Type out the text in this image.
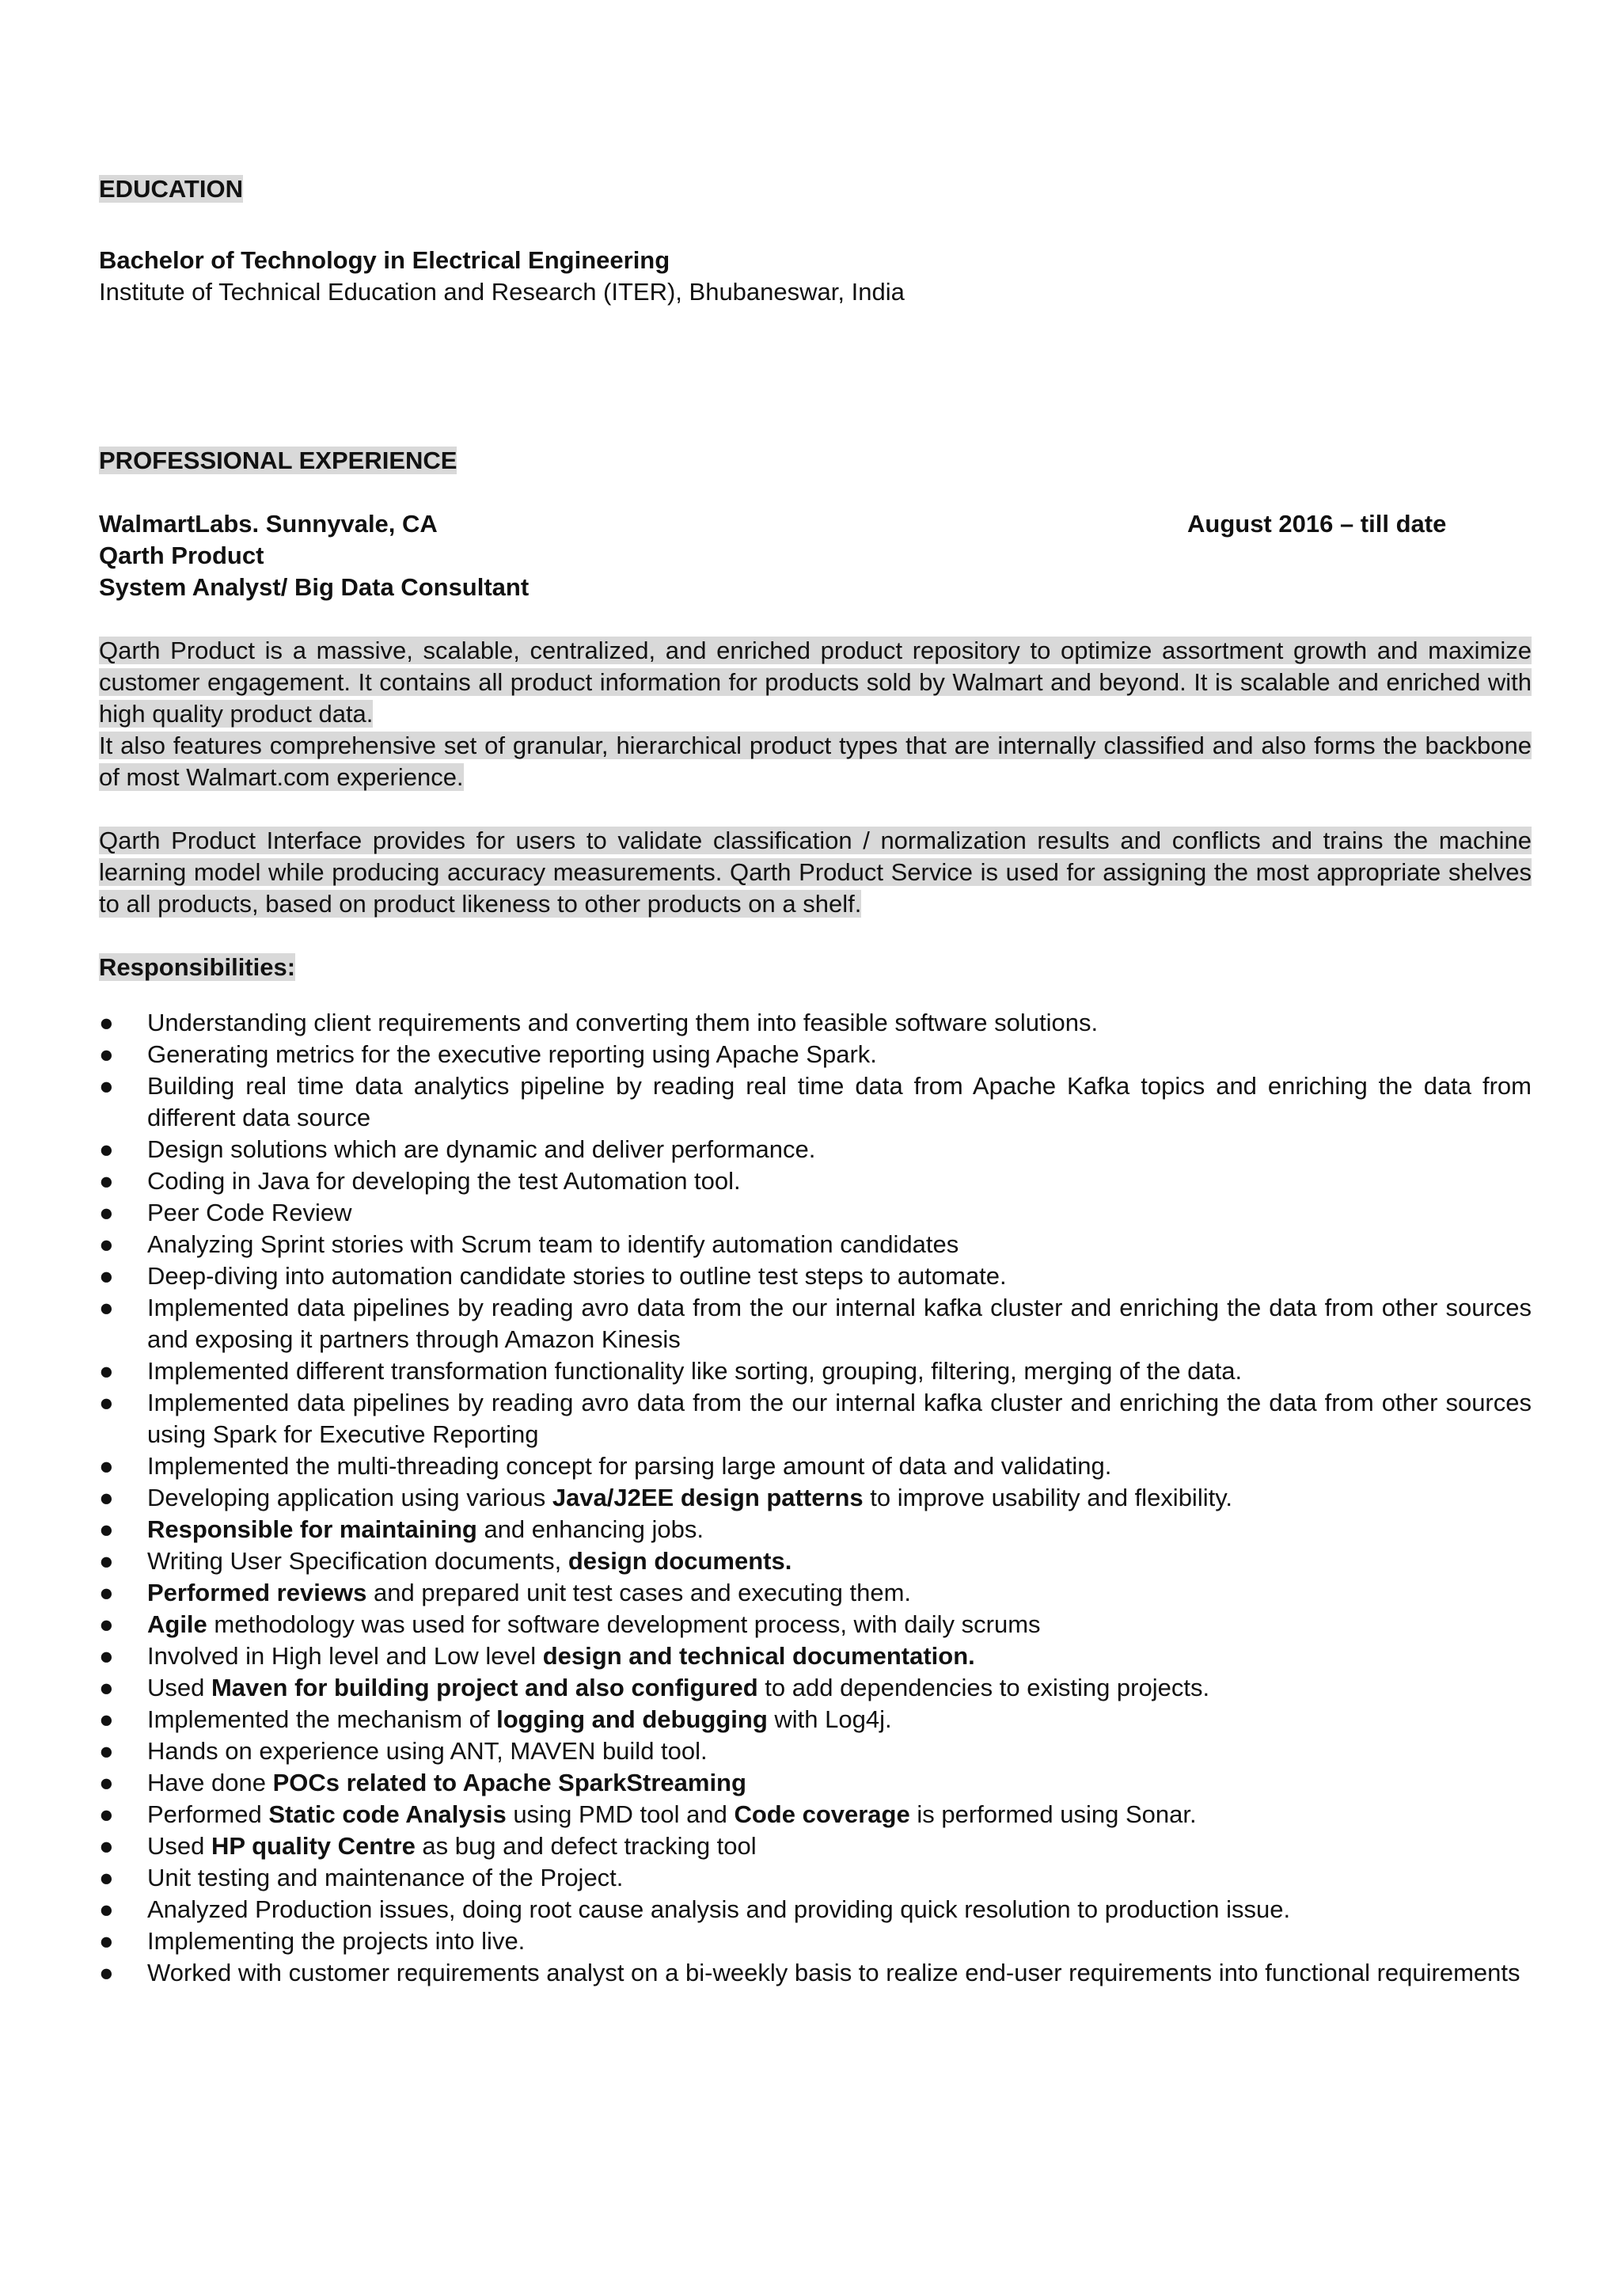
EDUCATION
Bachelor of Technology in Electrical Engineering
Institute of Technical Education and Research (ITER), Bhubaneswar, India
PROFESSIONAL EXPERIENCE
WalmartLabs. Sunnyvale, CA	August 2016 – till date
Qarth Product
System Analyst/ Big Data Consultant
Qarth Product is a massive, scalable, centralized, and enriched product repository to optimize assortment growth and maximize customer engagement. It contains all product information for products sold by Walmart and beyond. It is scalable and enriched with high quality product data.
It also features comprehensive set of granular, hierarchical product types that are internally classified and also forms the backbone of most Walmart.com experience.
Qarth Product Interface provides for users to validate classification / normalization results and conflicts and trains the machine learning model while producing accuracy measurements. Qarth Product Service is used for assigning the most appropriate shelves to all products, based on product likeness to other products on a shelf.
Responsibilities:
●	Understanding client requirements and converting them into feasible software solutions.
●	Generating metrics for the executive reporting using Apache Spark.
●	Building real time data analytics pipeline by reading real time data from Apache Kafka topics and enriching the data from different data source
●	Design solutions which are dynamic and deliver performance.
●	Coding in Java for developing the test Automation tool.
●	Peer Code Review
●	Analyzing Sprint stories with Scrum team to identify automation candidates
●	Deep-diving into automation candidate stories to outline test steps to automate.
●	Implemented data pipelines by reading avro data from the our internal kafka cluster and enriching the data from other sources and exposing it partners through Amazon Kinesis
●	Implemented different transformation functionality like sorting, grouping, filtering, merging of the data.
●	Implemented data pipelines by reading avro data from the our internal kafka cluster and enriching the data from other sources using Spark for Executive Reporting
●	Implemented the multi-threading concept for parsing large amount of data and validating.
●	Developing application using various Java/J2EE design patterns to improve usability and flexibility.
●	Responsible for maintaining and enhancing jobs.
●	Writing User Specification documents, design documents.
●	Performed reviews and prepared unit test cases and executing them.
●	Agile methodology was used for software development process, with daily scrums
●	Involved in High level and Low level design and technical documentation.
●	Used Maven for building project and also configured to add dependencies to existing projects.
●	Implemented the mechanism of logging and debugging with Log4j.
●	Hands on experience using ANT, MAVEN build tool.
●	Have done POCs related to Apache SparkStreaming
●	Performed Static code Analysis using PMD tool and Code coverage is performed using Sonar.
●	Used HP quality Centre as bug and defect tracking tool
●	Unit testing and maintenance of the Project.
●	Analyzed Production issues, doing root cause analysis and providing quick resolution to production issue.
●	Implementing the projects into live.
●	Worked with customer requirements analyst on a bi-weekly basis to realize end-user requirements into functional requirements
